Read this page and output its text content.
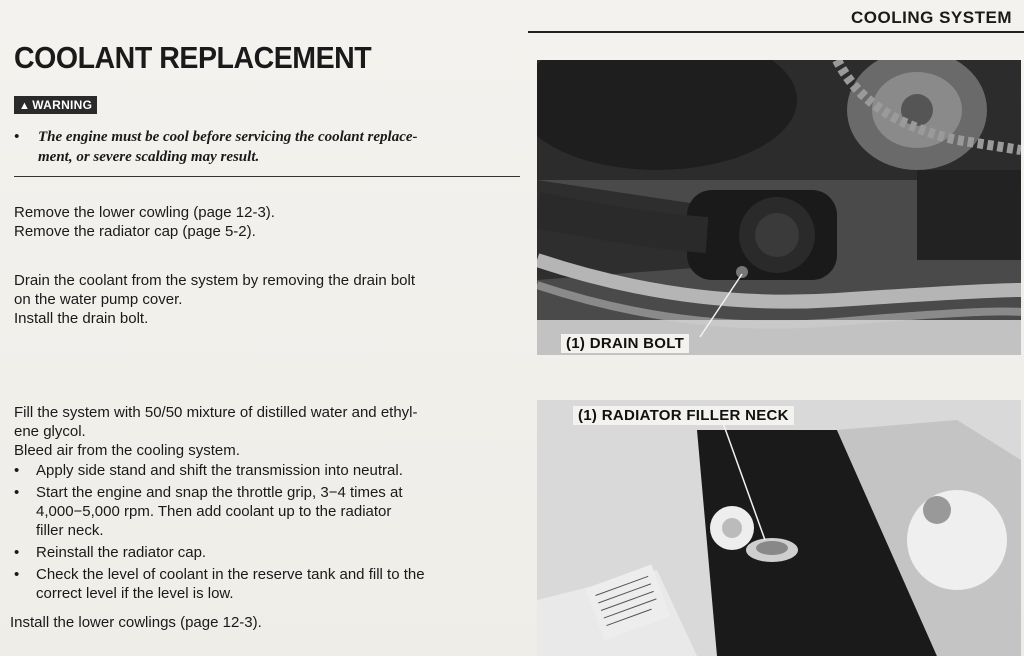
COOLING SYSTEM
COOLANT REPLACEMENT
▲ WARNING
• The engine must be cool before servicing the coolant replace-
ment, or severe scalding may result.
Remove the lower cowling (page 12-3).
Remove the radiator cap (page 5-2).
Drain the coolant from the system by removing the drain bolt
on the water pump cover.
Install the drain bolt.
Fill the system with 50/50 mixture of distilled water and ethyl-
ene glycol.
Bleed air from the cooling system.
• Apply side stand and shift the transmission into neutral.
• Start the engine and snap the throttle grip, 3−4 times at
4,000−5,000 rpm. Then add coolant up to the radiator
filler neck.
• Reinstall the radiator cap.
• Check the level of coolant in the reserve tank and fill to the
correct level if the level is low.
Install the lower cowlings (page 12-3).
(1) DRAIN BOLT
(1) RADIATOR FILLER NECK
